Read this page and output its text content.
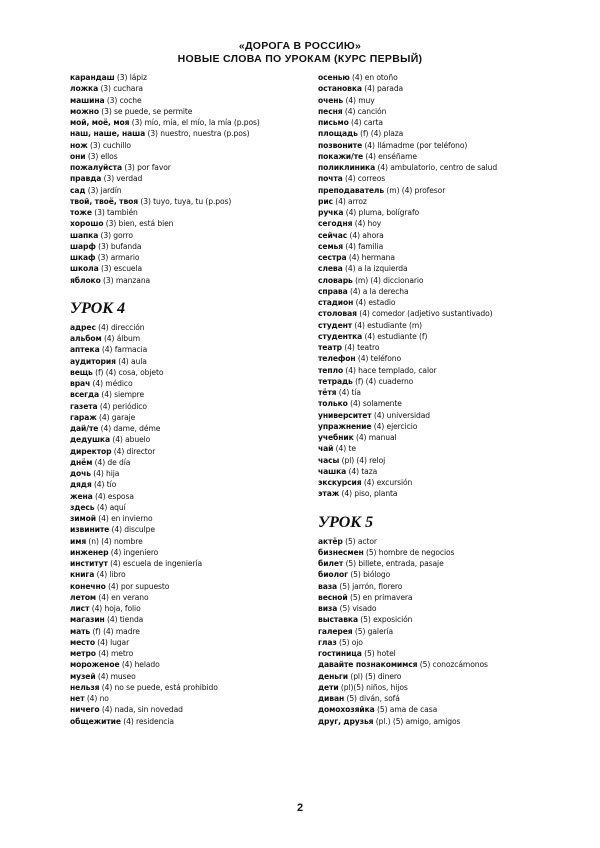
«ДОРОГА В РОССИЮ»
НОВЫЕ СЛОВА ПО УРОКАМ (КУРС ПЕРВЫЙ)
карандаш (3) lápiz
ложка (3) cuchara
машина (3) coche
можно (3) se puede, se permite
мой, моё, моя (3) mío, mía, el mío, la mía (p.pos)
наш, наше, наша (3) nuestro, nuestra (p.pos)
нож (3) cuchillo
они (3) ellos
пожалуйста (3) por favor
правда (3) verdad
сад (3) jardín
твой, твоё, твоя (3) tuyo, tuya, tu (p.pos)
тоже (3) también
хорошо (3) bien, está bien
шапка (3) gorro
шарф (3) bufanda
шкаф (3) armario
школа (3) escuela
яблоко (3) manzana
УРОК 4
адрес (4) dirección
альбом (4) álbum
аптека (4) farmacia
аудитория (4) aula
вещь (f) (4) cosa, objeto
врач (4) médico
всегда (4) siempre
газета (4) periódico
гараж (4) garaje
дай/те (4) dame, déme
дедушка (4) abuelo
директор (4) director
днём (4) de día
дочь (4) hija
дядя (4) tío
жена (4) esposa
здесь (4) aquí
зимой (4) en invierno
извините (4) disculpe
имя (n) (4) nombre
инженер (4) ingeniero
институт (4) escuela de ingeniería
книга (4) libro
конечно (4) por supuesto
летом (4) en verano
лист (4) hoja, folio
магазин (4) tienda
мать (f) (4) madre
место (4) lugar
метро (4) metro
мороженое (4) helado
музей (4) museo
нельзя (4) no se puede, está prohibido
нет (4) no
ничего (4) nada, sin novedad
общежитие (4) residencia
осенью (4) en otoño
остановка (4) parada
очень (4) muy
песня (4) canción
письмо (4) carta
площадь (f) (4) plaza
позвоните (4) llámadme (por teléfono)
покажи/те (4) enséñame
поликлиника (4) ambulatorio, centro de salud
почта (4) correos
преподаватель (m) (4) profesor
рис (4) arroz
ручка (4) pluma, bolígrafo
сегодня (4) hoy
сейчас (4) ahora
семья (4) familia
сестра (4) hermana
слева (4) a la izquierda
словарь (m) (4) diccionario
справа (4) a la derecha
стадион (4) estadio
столовая (4) comedor (adjetivo sustantivado)
студент (4) estudiante (m)
студентка (4) estudiante (f)
театр (4) teatro
телефон (4) teléfono
тепло (4) hace templado, calor
тетрадь (f) (4) cuaderno
тётя (4) tía
только (4) solamente
университет (4) universidad
упражнение (4) ejercicio
учебник (4) manual
чай (4) te
часы (pl) (4) reloj
чашка (4) taza
экскурсия (4) excursión
этаж (4) piso, planta
УРОК 5
актёр (5) actor
бизнесмен (5) hombre de negocios
билет (5) billete, entrada, pasaje
биолог (5) biólogo
ваза (5) jarrón, florero
весной (5) en primavera
виза (5) visado
выставка (5) exposición
галерея (5) galería
глаз (5) ojo
гостиница (5) hotel
давайте познакомимся (5) conozcámonos
деньги (pl) (5) dinero
дети (pl)(5) niños, hijos
диван (5) diván, sofá
домохозяйка (5) ama de casa
друг, друзья (pl.) (5) amigo, amigos
2
